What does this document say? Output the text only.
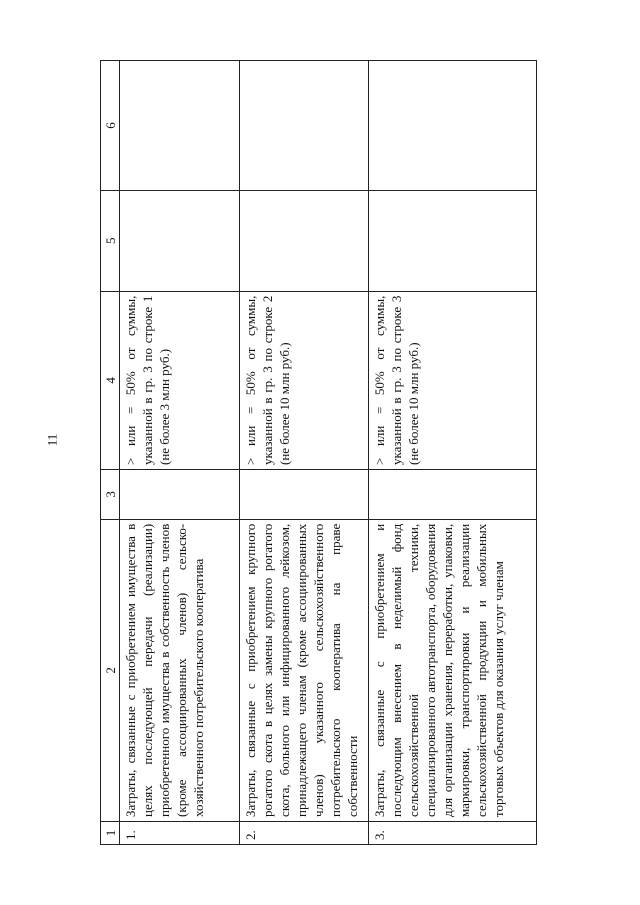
11
1	2	3	4	5	6
1.	Затраты, связанные с приобретением имущества в целях последующей передачи (реализации) приобретенного имущества в собственность членов (кроме ассоциированных членов) сельско-хозяйственного потребительского кооператива		> или = 50% от суммы, указанной в гр. 3 по строке 1 (не более 3 млн руб.)		
2.	Затраты, связанные с приобретением крупного рогатого скота в целях замены крупного рогатого скота, больного или инфицированного лейкозом, принадлежащего членам (кроме ассоциированных членов) указанного сельскохозяйственного потребительского кооператива на праве собственности		> или = 50% от суммы, указанной в гр. 3 по строке 2 (не более 10 млн руб.)		
3.	Затраты, связанные с приобретением и последующим внесением в неделимый фонд сельскохозяйственной техники, специализированного автотранспорта, оборудования для организации хранения, переработки, упаковки, маркировки, транспортировки и реализации сельскохозяйственной продукции и мобильных торговых объектов для оказания услуг членам		> или = 50% от суммы, указанной в гр. 3 по строке 3 (не более 10 млн руб.)		
